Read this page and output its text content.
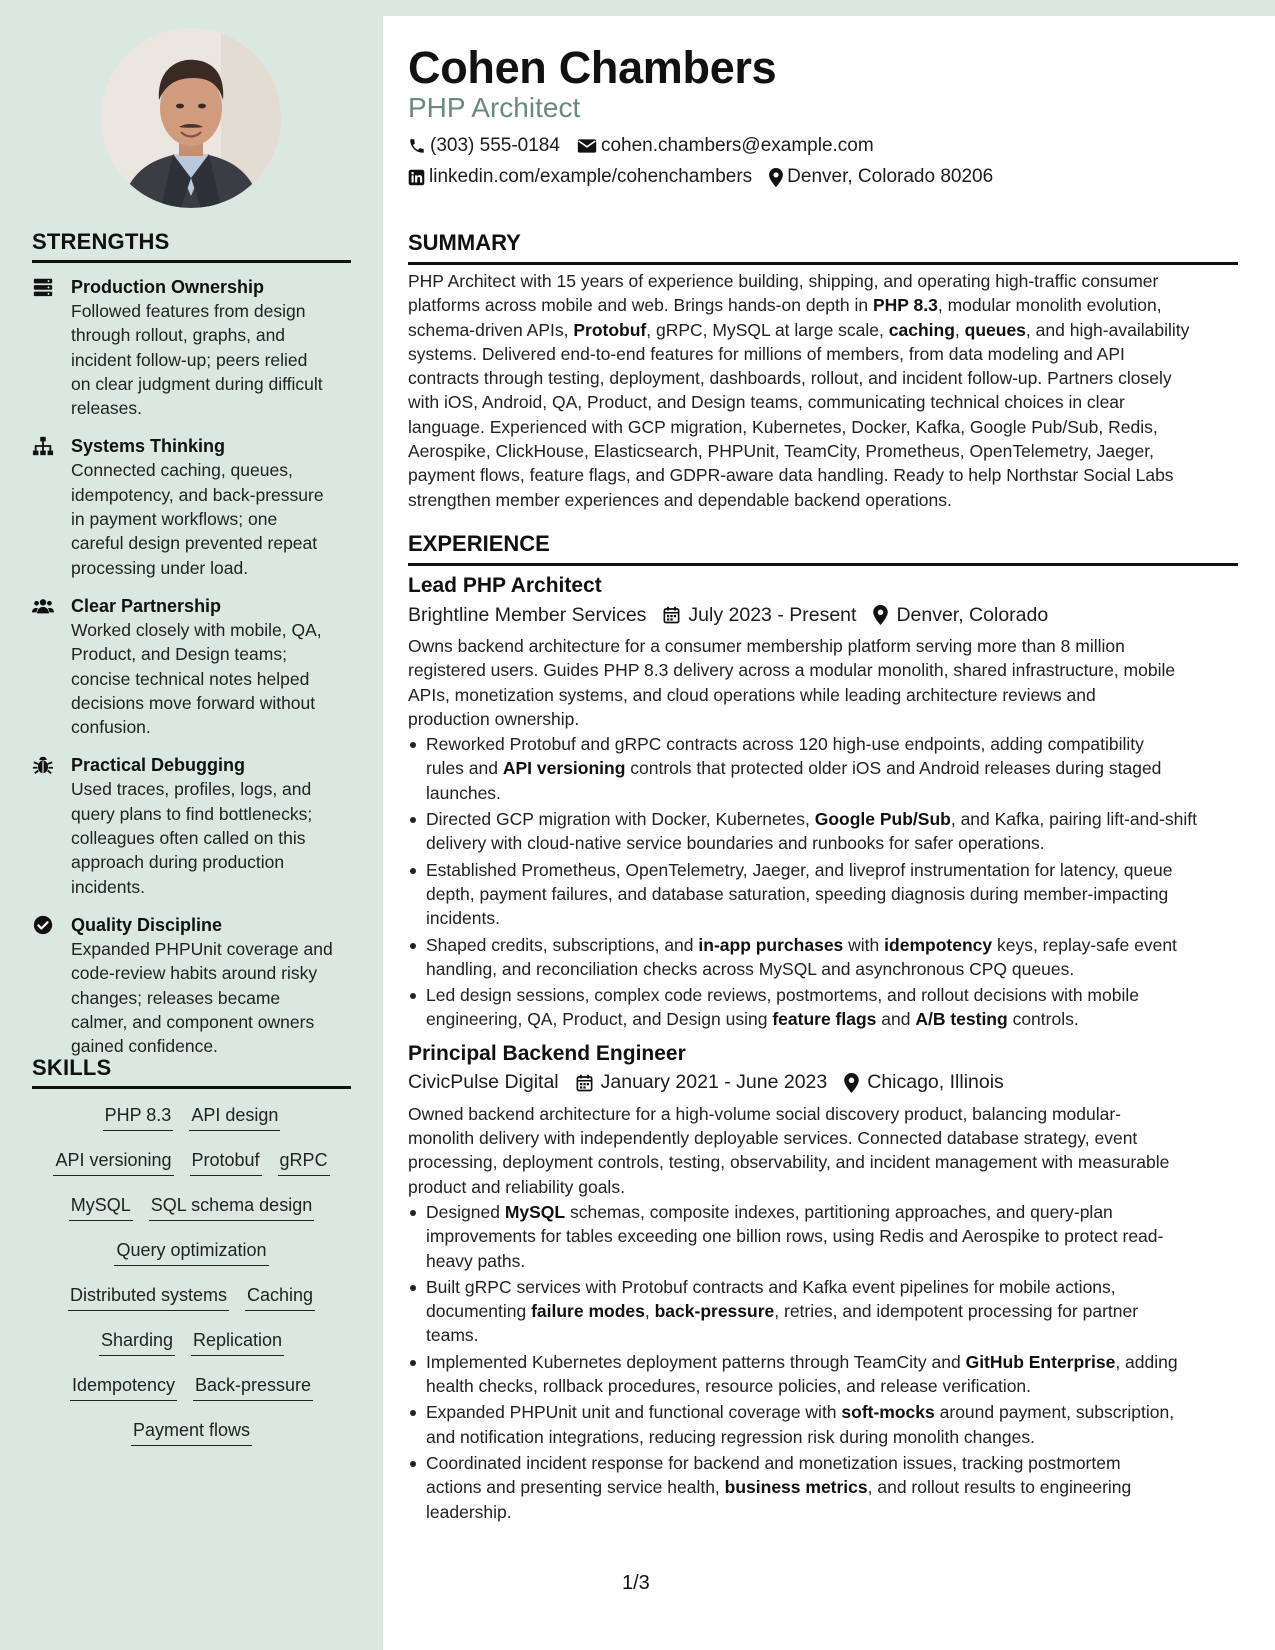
STRENGTHS
Production Ownership
Followed features from design
through rollout, graphs, and
incident follow-up; peers relied
on clear judgment during difficult
releases.
Systems Thinking
Connected caching, queues,
idempotency, and back-pressure
in payment workflows; one
careful design prevented repeat
processing under load.
Clear Partnership
Worked closely with mobile, QA,
Product, and Design teams;
concise technical notes helped
decisions move forward without
confusion.
Practical Debugging
Used traces, profiles, logs, and
query plans to find bottlenecks;
colleagues often called on this
approach during production
incidents.
Quality Discipline
Expanded PHPUnit coverage and
code-review habits around risky
changes; releases became
calmer, and component owners
gained confidence.
SKILLS
PHP 8.3 API design
API versioning Protobuf gRPC
MySQL SQL schema design
Query optimization
Distributed systems Caching
Sharding Replication
Idempotency Back-pressure
Payment flows
Cohen Chambers
PHP Architect
(303) 555-0184 cohen.chambers@example.com
linkedin.com/example/cohenchambers Denver, Colorado 80206
SUMMARY

PHP Architect with 15 years of experience building, shipping, and operating high-traffic consumer
platforms across mobile and web. Brings hands-on depth in PHP 8.3, modular monolith evolution,
schema-driven APIs, Protobuf, gRPC, MySQL at large scale, caching, queues, and high-availability
systems. Delivered end-to-end features for millions of members, from data modeling and API
contracts through testing, deployment, dashboards, rollout, and incident follow-up. Partners closely
with iOS, Android, QA, Product, and Design teams, communicating technical choices in clear
language. Experienced with GCP migration, Kubernetes, Docker, Kafka, Google Pub/Sub, Redis,
Aerospike, ClickHouse, Elasticsearch, PHPUnit, TeamCity, Prometheus, OpenTelemetry, Jaeger,
payment flows, feature flags, and GDPR-aware data handling. Ready to help Northstar Social Labs
strengthen member experiences and dependable backend operations.

EXPERIENCE
Lead PHP Architect
Brightline Member Services July 2023 - Present Denver, Colorado

Owns backend architecture for a consumer membership platform serving more than 8 million
registered users. Guides PHP 8.3 delivery across a modular monolith, shared infrastructure, mobile
APIs, monetization systems, and cloud operations while leading architecture reviews and
production ownership.

Reworked Protobuf and gRPC contracts across 120 high-use endpoints, adding compatibility
rules and API versioning controls that protected older iOS and Android releases during staged
launches.
Directed GCP migration with Docker, Kubernetes, Google Pub/Sub, and Kafka, pairing lift-and-shift
delivery with cloud-native service boundaries and runbooks for safer operations.
Established Prometheus, OpenTelemetry, Jaeger, and liveprof instrumentation for latency, queue
depth, payment failures, and database saturation, speeding diagnosis during member-impacting
incidents.
Shaped credits, subscriptions, and in-app purchases with idempotency keys, replay-safe event
handling, and reconciliation checks across MySQL and asynchronous CPQ queues.
Led design sessions, complex code reviews, postmortems, and rollout decisions with mobile
engineering, QA, Product, and Design using feature flags and A/B testing controls.
Principal Backend Engineer
CivicPulse Digital January 2021 - June 2023 Chicago, Illinois

Owned backend architecture for a high-volume social discovery product, balancing modular-
monolith delivery with independently deployable services. Connected database strategy, event
processing, deployment controls, testing, observability, and incident management with measurable
product and reliability goals.

Designed MySQL schemas, composite indexes, partitioning approaches, and query-plan
improvements for tables exceeding one billion rows, using Redis and Aerospike to protect read-
heavy paths.
Built gRPC services with Protobuf contracts and Kafka event pipelines for mobile actions,
documenting failure modes, back-pressure, retries, and idempotent processing for partner
teams.
Implemented Kubernetes deployment patterns through TeamCity and GitHub Enterprise, adding
health checks, rollback procedures, resource policies, and release verification.
Expanded PHPUnit unit and functional coverage with soft-mocks around payment, subscription,
and notification integrations, reducing regression risk during monolith changes.
Coordinated incident response for backend and monetization issues, tracking postmortem
actions and presenting service health, business metrics, and rollout results to engineering
leadership.
1/3
